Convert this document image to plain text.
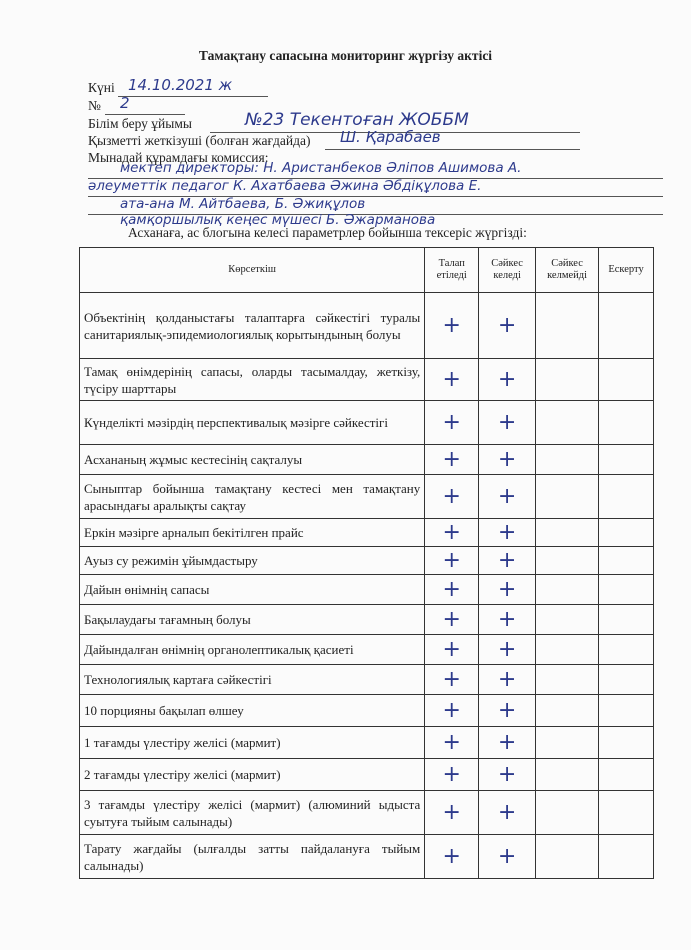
Тамақтану сапасына мониторинг жүргізу актісі
Күні 14.10.2021 ж
№ 2
Білім беру ұйымы	№23 Текентоған ЖОББМ
Қызметті жеткізуші (болған жағдайда) Ш. Қарабаев
Мынадай құрамдағы комиссия:
мектеп директоры: Н. Аристанбеков Әліпов Ашимова А.
әлеуметтік педагог К. Ахатбаева Әжина Әбдіқұлова Е.
ата-ана М. Айтбаева, Б. Әжиқұлов
қамқоршылық кеңес мүшесі Б. Әжарманова
Асханаға, ас блогына келесі параметрлер бойынша тексеріс жүргізді:
Көрсеткіш	Талап етіледі	Сәйкес келеді	Сәйкес келмейді	Ескерту
Объектінің қолданыстағы талаптарға сәйкестігі туралы санитариялық-эпидемиологиялық корытындының болуы	+	+		
Тамақ өнімдерінің сапасы, оларды тасымалдау, жеткізу, түсіру шарттары	+	+		
Күнделікті мәзірдің перспективалық мәзірге сәйкестігі	+	+		
Асхананың жұмыс кестесінің сақталуы	+	+		
Сыныптар бойынша тамақтану кестесі мен тамақтану арасындағы аралықты сақтау	+	+		
Еркін мәзірге арналып бекітілген прайс	+	+		
Ауыз су режимін ұйымдастыру	+	+		
Дайын өнімнің сапасы	+	+		
Бақылаудағы тағамның болуы	+	+		
Дайындалған өнімнің органолептикалық қасиеті	+	+		
Технологиялық картаға сәйкестігі	+	+		
10 порцияны бақылап өлшеу	+	+		
1 тағамды үлестіру желісі (мармит)	+	+		
2 тағамды үлестіру желісі (мармит)	+	+		
3 тағамды үлестіру желісі (мармит) (алюминий ыдыста суытуға тыйым салынады)	+	+		
Тарату жағдайы (ылғалды затты пайдалануға тыйым салынады)	+	+		
